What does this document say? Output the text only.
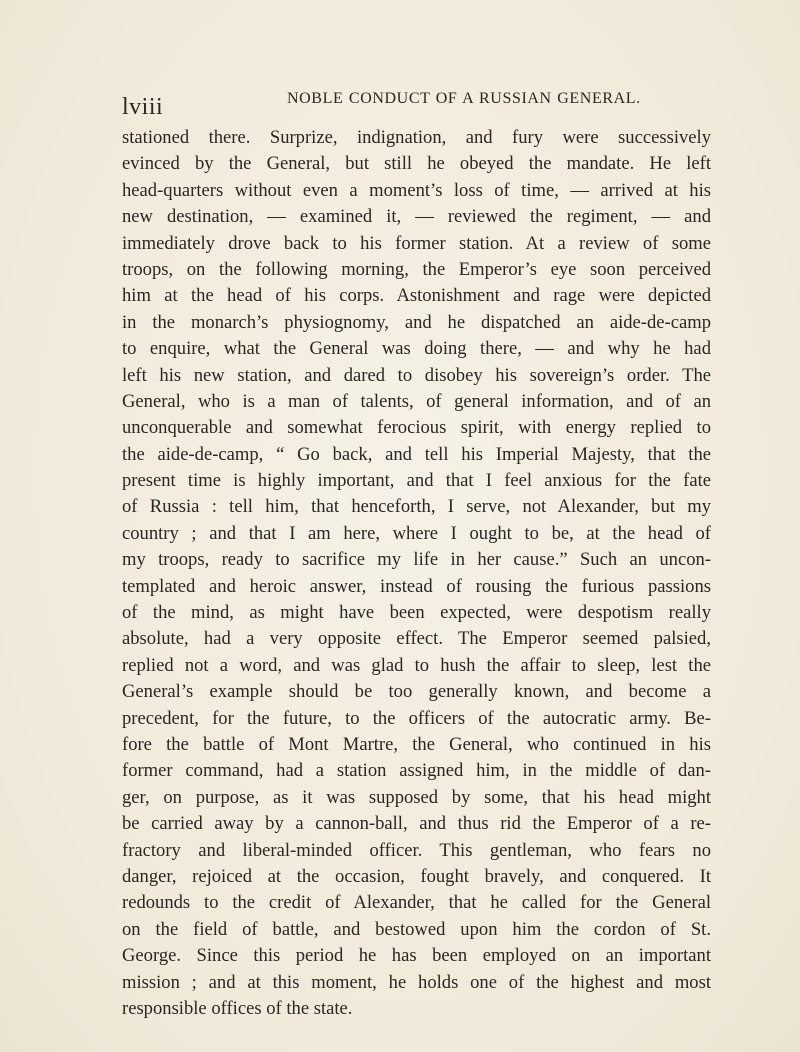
lviii	NOBLE CONDUCT OF A RUSSIAN GENERAL.
stationed there. Surprize, indignation, and fury were successively
evinced by the General, but still he obeyed the mandate. He left
head-quarters without even a moment’s loss of time, — arrived at his
new destination, — examined it, — reviewed the regiment, — and
immediately drove back to his former station. At a review of some
troops, on the following morning, the Emperor’s eye soon perceived
him at the head of his corps. Astonishment and rage were depicted
in the monarch’s physiognomy, and he dispatched an aide-de-camp
to enquire, what the General was doing there, — and why he had
left his new station, and dared to disobey his sovereign’s order. The
General, who is a man of talents, of general information, and of an
unconquerable and somewhat ferocious spirit, with energy replied to
the aide-de-camp, “ Go back, and tell his Imperial Majesty, that the
present time is highly important, and that I feel anxious for the fate
of Russia : tell him, that henceforth, I serve, not Alexander, but my
country ; and that I am here, where I ought to be, at the head of
my troops, ready to sacrifice my life in her cause.” Such an uncon-
templated and heroic answer, instead of rousing the furious passions
of the mind, as might have been expected, were despotism really
absolute, had a very opposite effect. The Emperor seemed palsied,
replied not a word, and was glad to hush the affair to sleep, lest the
General’s example should be too generally known, and become a
precedent, for the future, to the officers of the autocratic army. Be-
fore the battle of Mont Martre, the General, who continued in his
former command, had a station assigned him, in the middle of dan-
ger, on purpose, as it was supposed by some, that his head might
be carried away by a cannon-ball, and thus rid the Emperor of a re-
fractory and liberal-minded officer. This gentleman, who fears no
danger, rejoiced at the occasion, fought bravely, and conquered. It
redounds to the credit of Alexander, that he called for the General
on the field of battle, and bestowed upon him the cordon of St.
George. Since this period he has been employed on an important
mission ; and at this moment, he holds one of the highest and most
responsible offices of the state.
